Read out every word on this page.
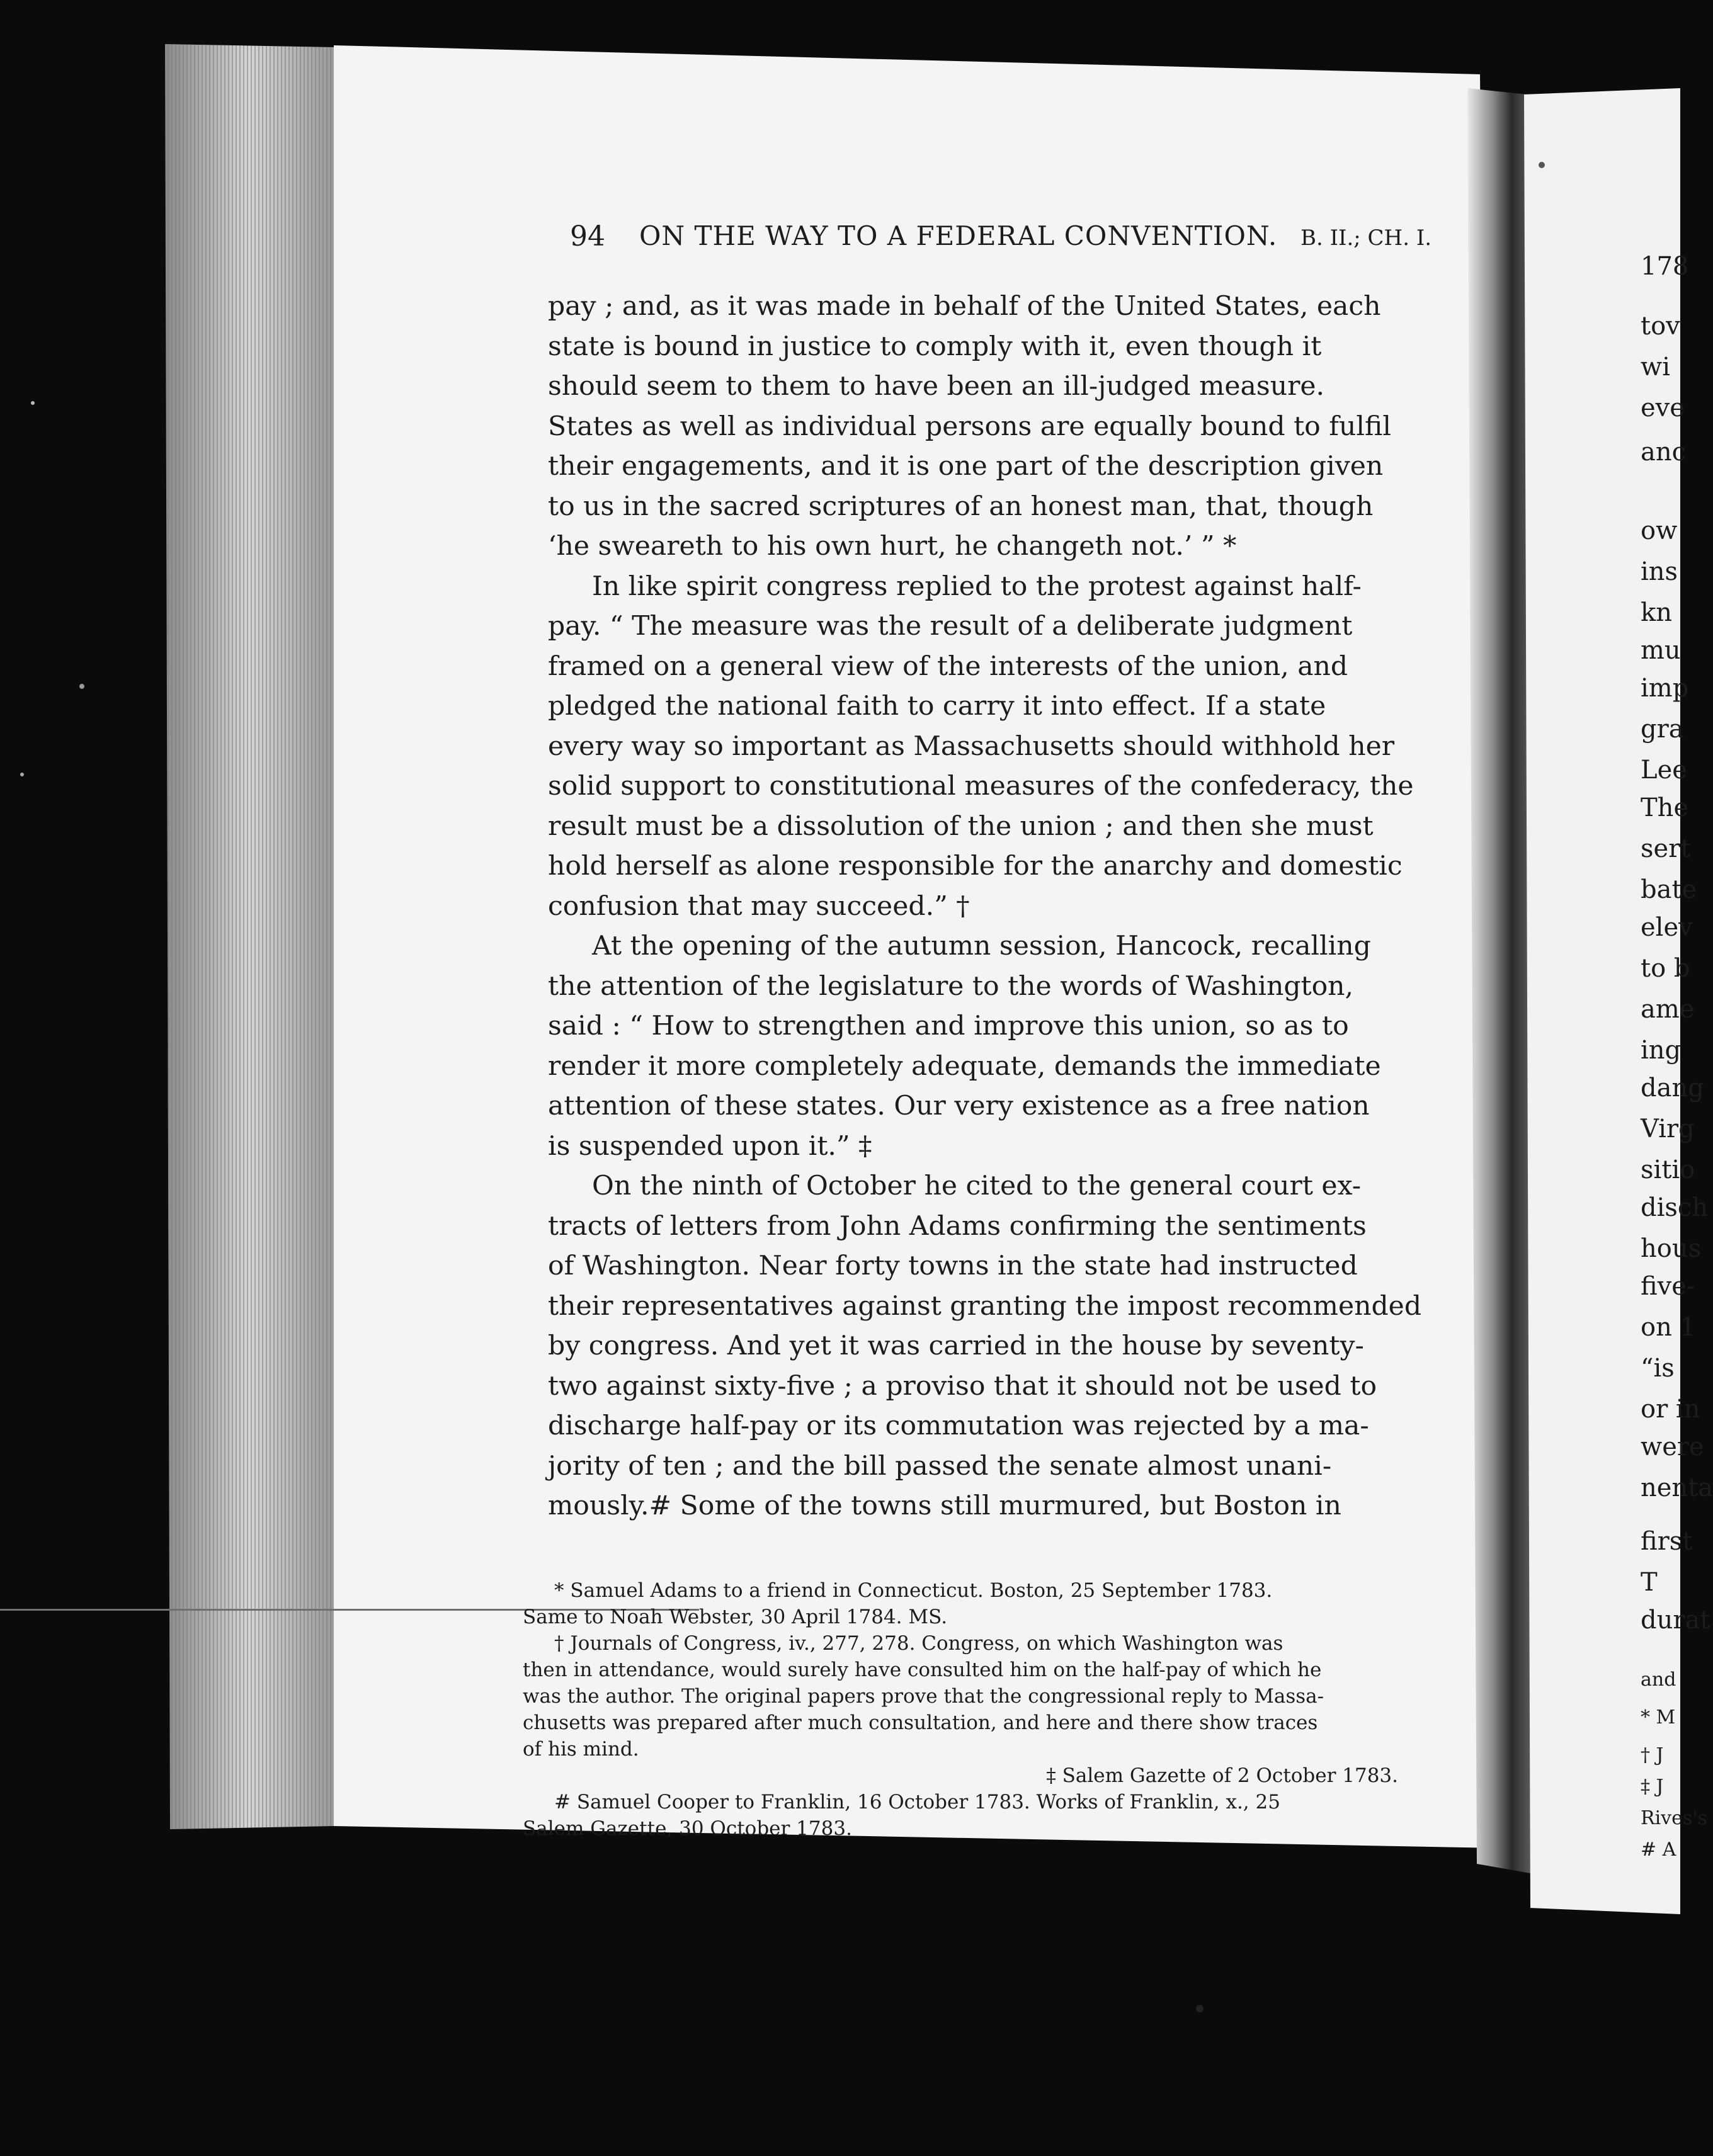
94 ON THE WAY TO A FEDERAL CONVENTION. B. II.; CH. I.

pay ; and, as it was made in behalf of the United States, each
state is bound in justice to comply with it, even though it
should seem to them to have been an ill-judged measure.
States as well as individual persons are equally bound to fulfil
their engagements, and it is one part of the description given
to us in the sacred scriptures of an honest man, that, though
‘he sweareth to his own hurt, he changeth not.’ ” *

In like spirit congress replied to the protest against half-
pay. “ The measure was the result of a deliberate judgment
framed on a general view of the interests of the union, and
pledged the national faith to carry it into effect. If a state
every way so important as Massachusetts should withhold her
solid support to constitutional measures of the confederacy, the
result must be a dissolution of the union ; and then she must
hold herself as alone responsible for the anarchy and domestic
confusion that may succeed.” †

At the opening of the autumn session, Hancock, recalling
the attention of the legislature to the words of Washington,
said : “ How to strengthen and improve this union, so as to
render it more completely adequate, demands the immediate
attention of these states. Our very existence as a free nation
is suspended upon it.” ‡

On the ninth of October he cited to the general court ex-
tracts of letters from John Adams confirming the sentiments
of Washington. Near forty towns in the state had instructed
their representatives against granting the impost recommended
by congress. And yet it was carried in the house by seventy-
two against sixty-five ; a proviso that it should not be used to
discharge half-pay or its commutation was rejected by a ma-
jority of ten ; and the bill passed the senate almost unani-
mously.# Some of the towns still murmured, but Boston in

* Samuel Adams to a friend in Connecticut. Boston, 25 September 1783.
Same to Noah Webster, 30 April 1784. MS.

† Journals of Congress, iv., 277, 278. Congress, on which Washington was
then in attendance, would surely have consulted him on the half-pay of which he
was the author. The original papers prove that the congressional reply to Massa-
chusetts was prepared after much consultation, and here and there show traces
of his mind.
‡ Salem Gazette of 2 October 1783.

# Samuel Cooper to Franklin, 16 October 1783. Works of Franklin, x., 25
Salem Gazette, 30 October 1783.

178
tov
wi
eve
anc
ow
ins
kn
mu
imp
gra
Lee
The
sert
bate
elev
to b
ame
ing
dang
Virg
sitio
disch
hous
five-
on 1
“is
or in
were
nenta
first
T
durat
and
* M
† J
‡ J
Rives's
# A
